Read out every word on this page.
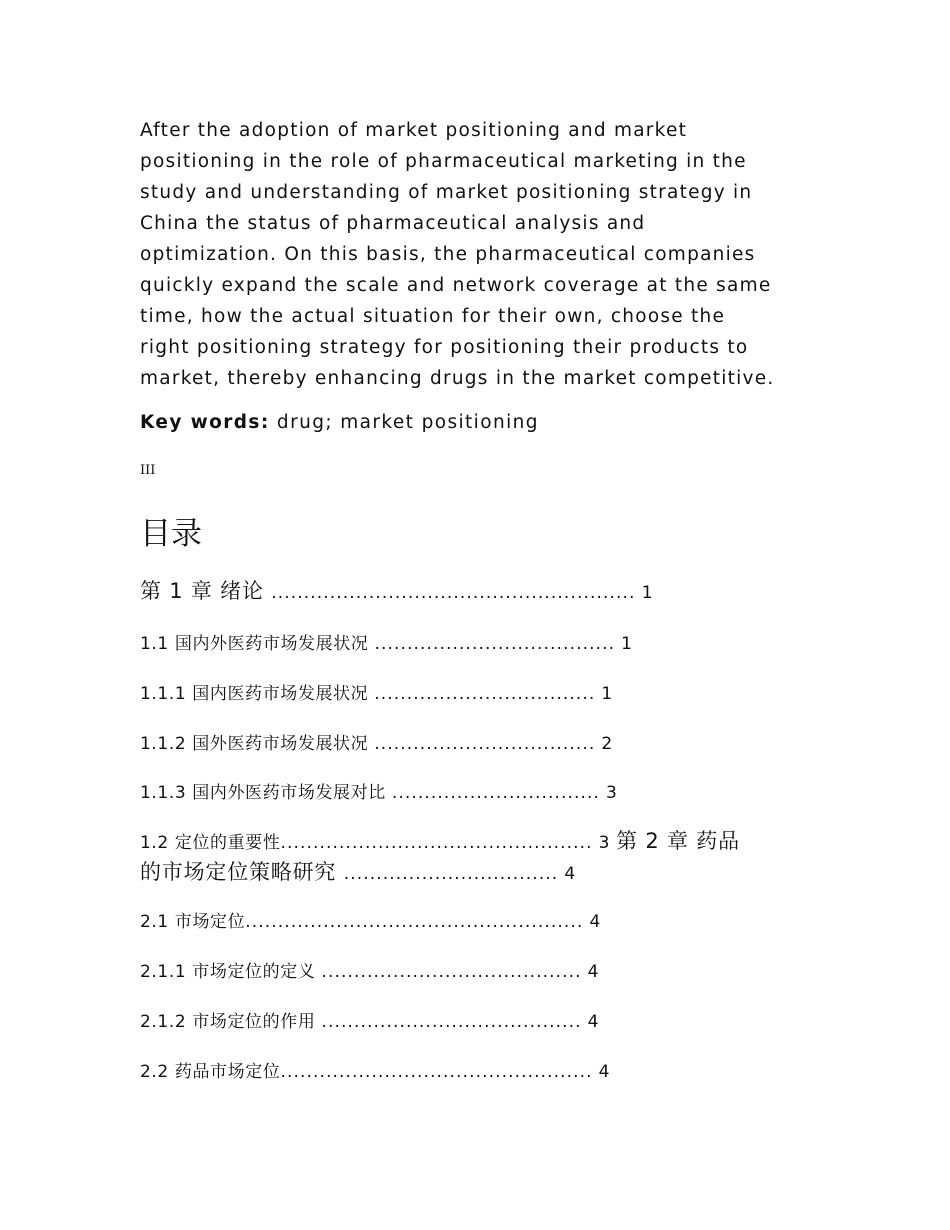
After the adoption of market positioning and market
positioning in the role of pharmaceutical marketing in the
study and understanding of market positioning strategy in
China the status of pharmaceutical analysis and
optimization. On this basis, the pharmaceutical companies
quickly expand the scale and network coverage at the same
time, how the actual situation for their own, choose the
right positioning strategy for positioning their products to
market, thereby enhancing drugs in the market competitive.

Key words: drug; market positioning
III
目录
第 1 章 绪论 ........................................................ 1
1.1 国内外医药市场发展状况 ..................................... 1
1.1.1 国内医药市场发展状况 .................................. 1
1.1.2 国外医药市场发展状况 .................................. 2
1.1.3 国内外医药市场发展对比 ................................ 3
1.2 定位的重要性................................................ 3 第 2 章 药品
的市场定位策略研究 ................................. 4
2.1 市场定位.................................................... 4
2.1.1 市场定位的定义 ........................................ 4
2.1.2 市场定位的作用 ........................................ 4
2.2 药品市场定位................................................ 4
